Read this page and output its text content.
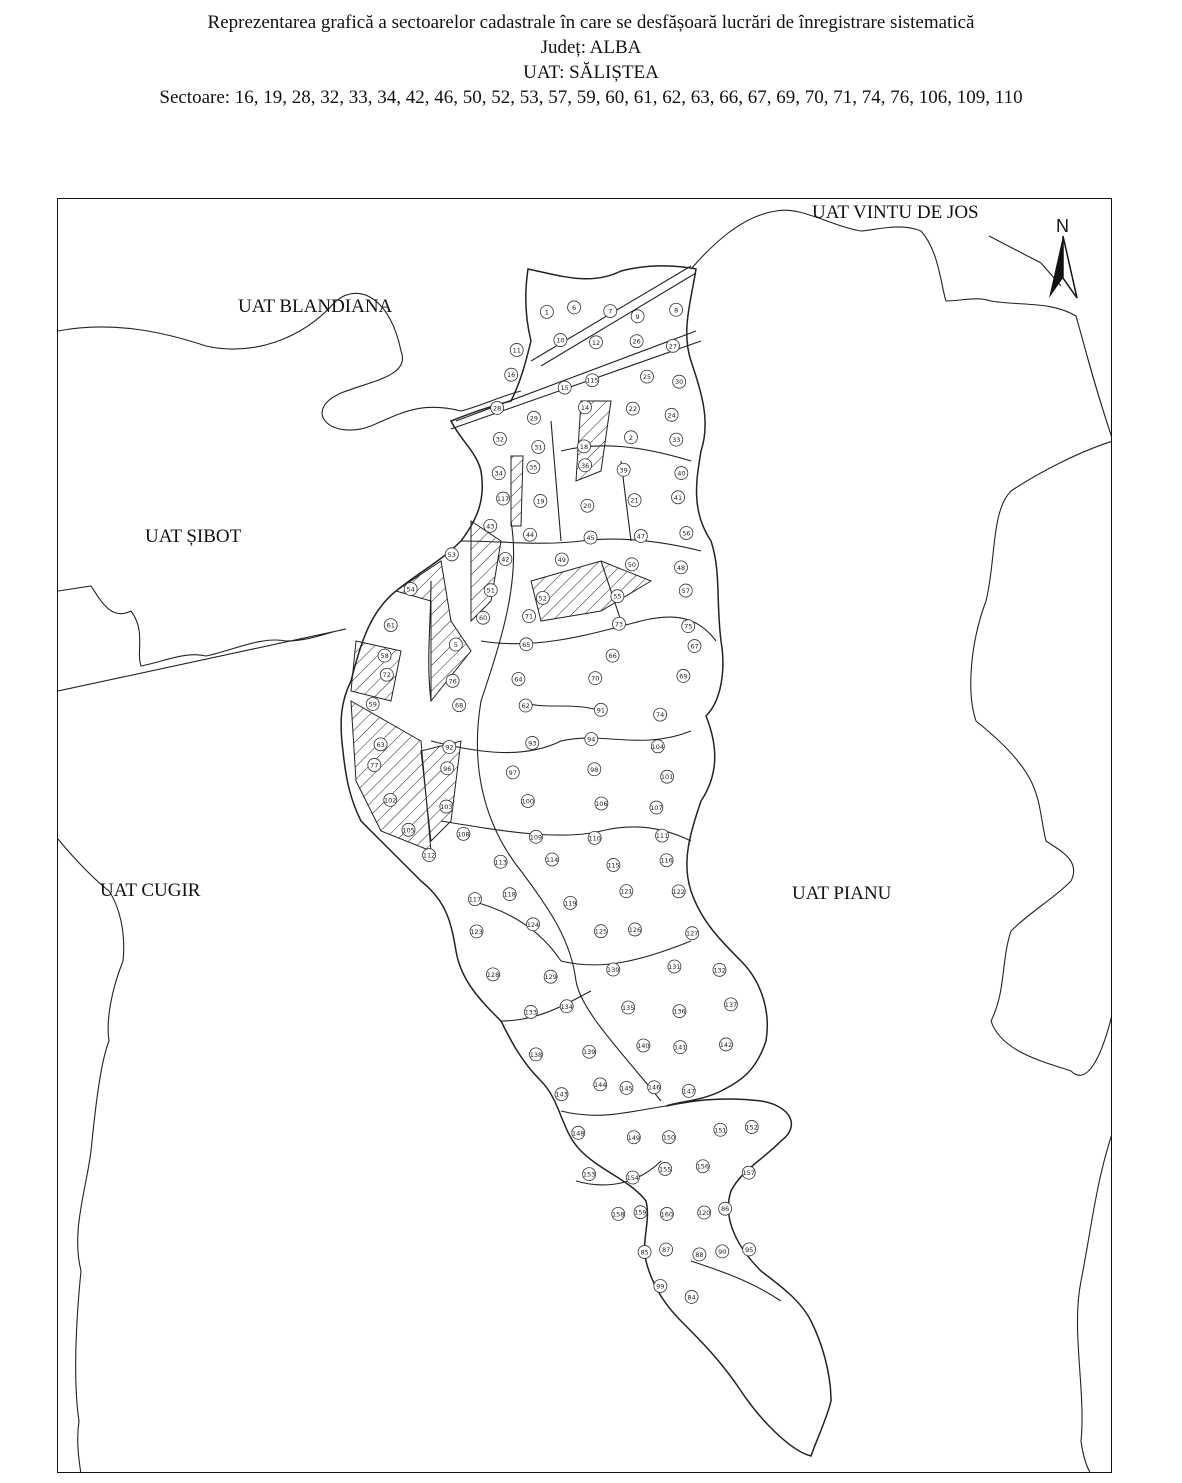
Reprezentarea grafică a sectoarelor cadastrale în care se desfășoară lucrări de înregistrare sistematică
Județ: ALBA
UAT: SĂLIȘTEA
Sectoare: 16, 19, 28, 32, 33, 34, 42, 46, 50, 52, 53, 57, 59, 60, 61, 62, 63, 66, 67, 69, 70, 71, 74, 76, 106, 109, 110
1
6	7
9
8
11
10	12	26
27
16
15
115	25
30
28
29
14	22
24
32
31	18
2	33
34
35	36
39	40
117	19
20
21	41
43
44	45	47	56
53
42	49
50	48
54	51
52	55
57
61
60	71
73	75
58
5	65
66
67
72
76	64	70	69
59	68	62
91
74
63	92
93	94
104
77	96
97	98
101
102
103
100	106
107
105
108	109	110	111
112
113	114
115
116
117
118
119
121	122
123
124
125	126	127
128	129
130	131	132
133
134	135	136
137
138	139
140	141	142
143
144 145 146	147
148
149	150
151	152
153	154
155	156
157
158 159 160	120 86
85 87
88 90	95
99
84
UAT VINTU DE JOS
UAT BLANDIANA
UAT ȘIBOT
UAT CUGIR	UAT PIANU
N
